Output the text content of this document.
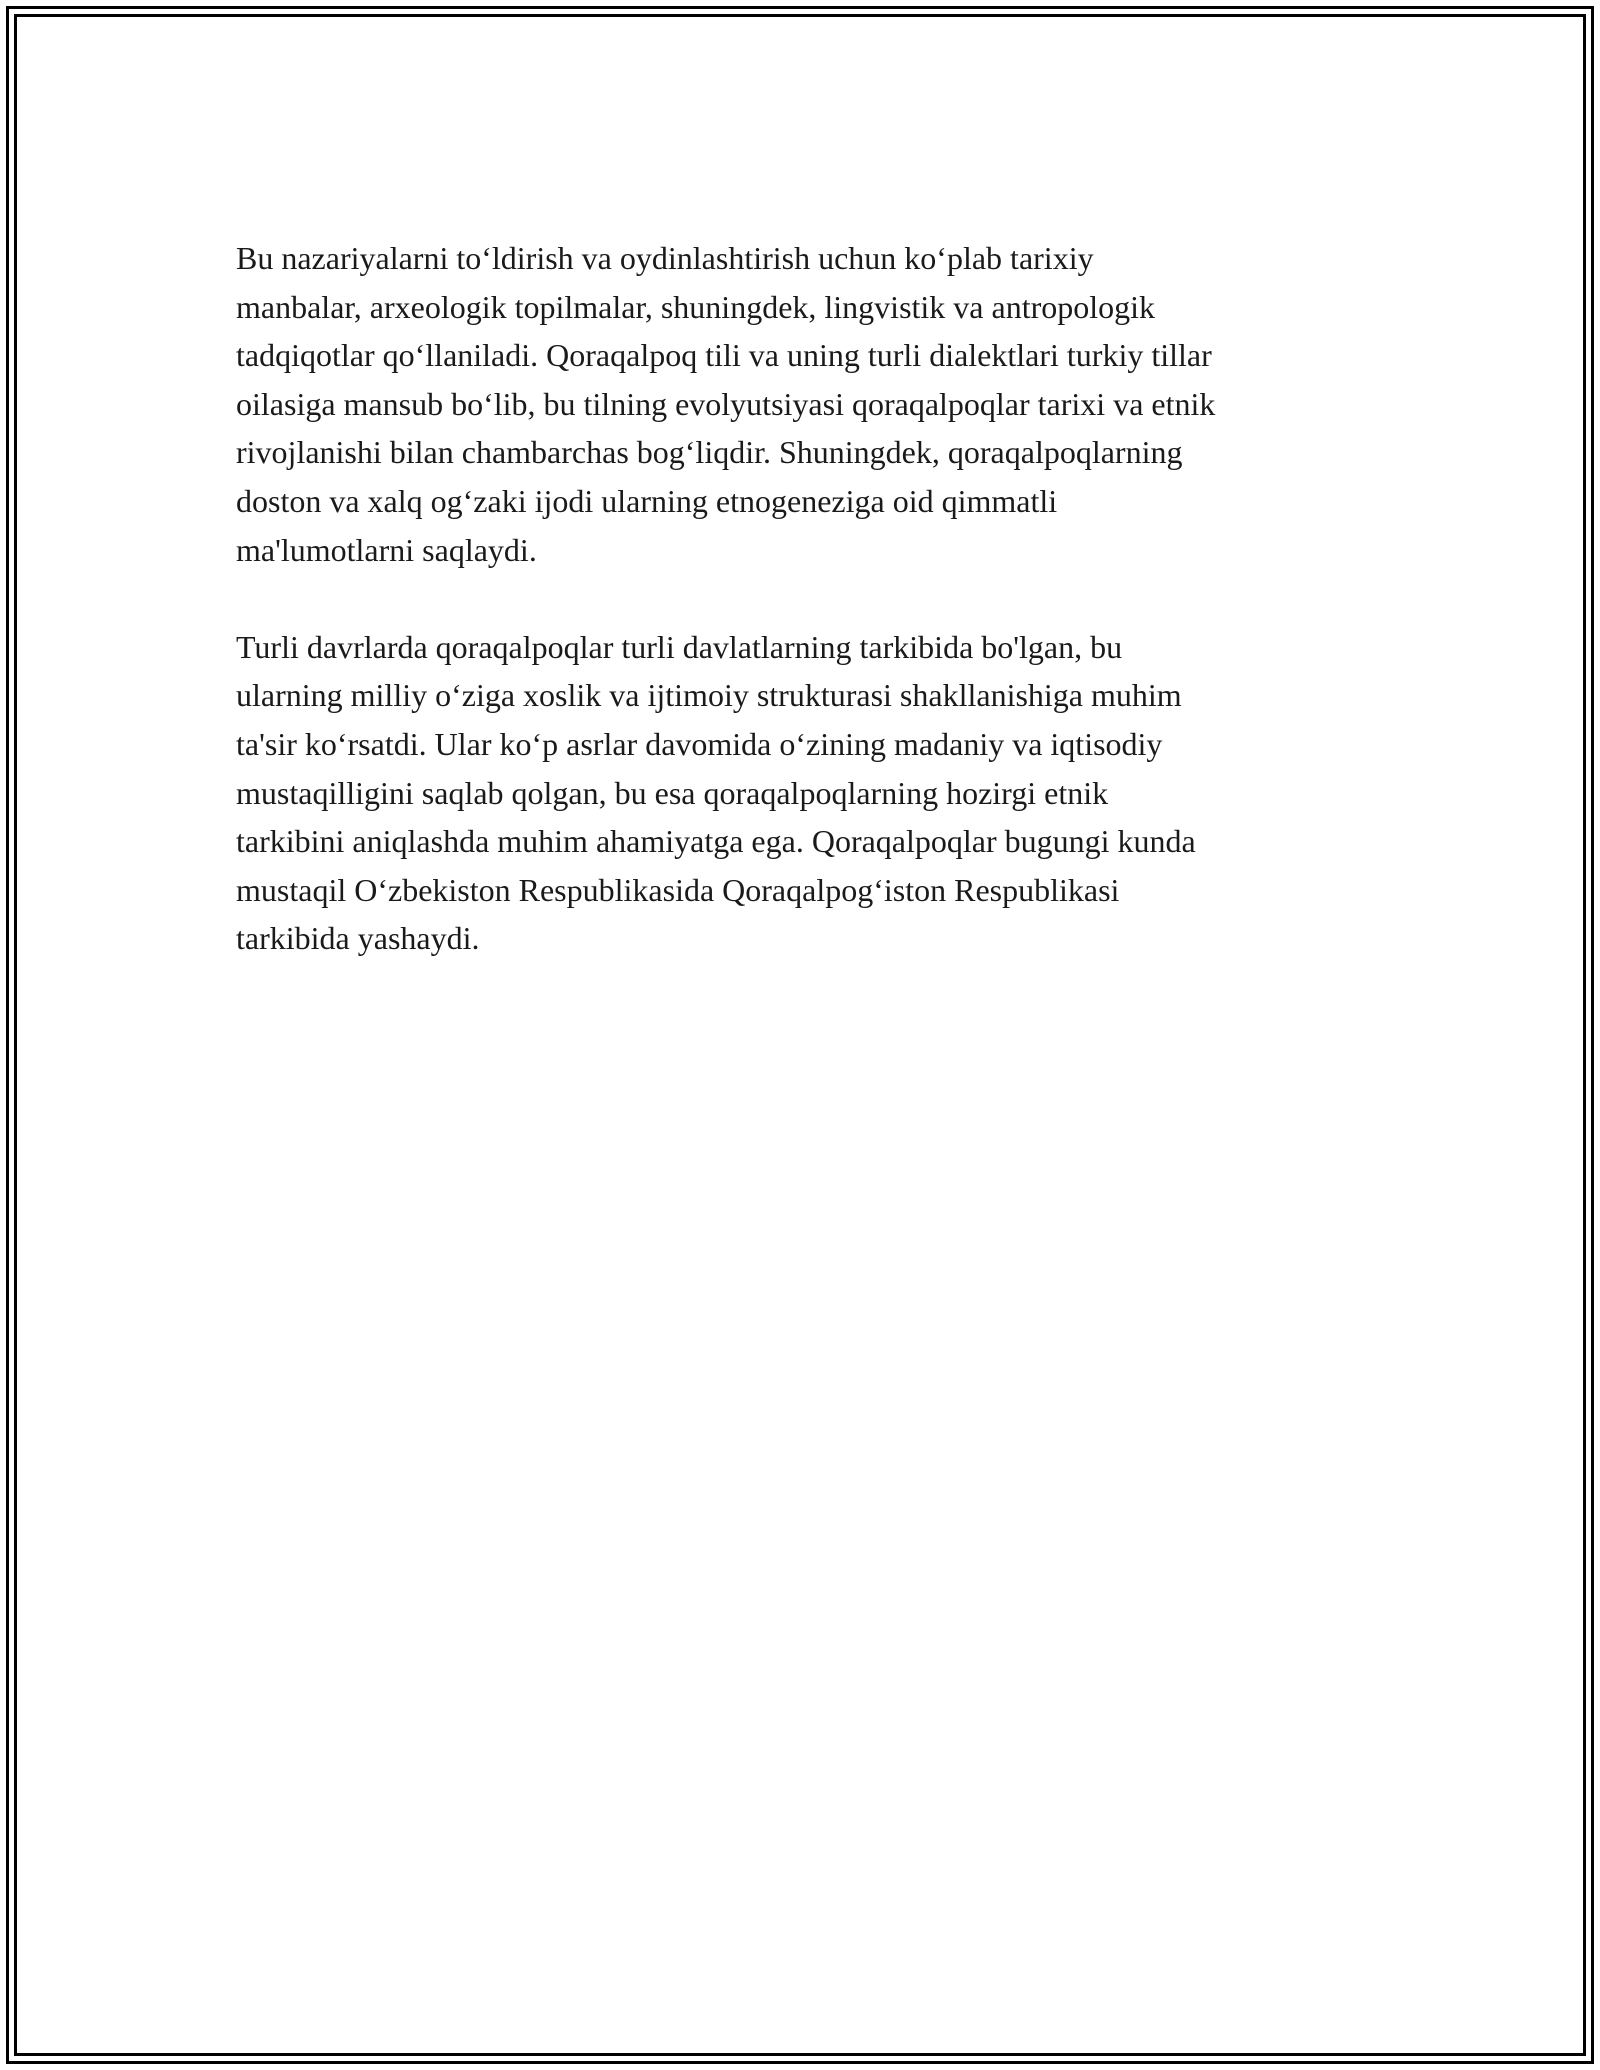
Bu nazariyalarni to‘ldirish va oydinlashtirish uchun ko‘plab tarixiy
manbalar, arxeologik topilmalar, shuningdek, lingvistik va antropologik
tadqiqotlar qo‘llaniladi. Qoraqalpoq tili va uning turli dialektlari turkiy tillar
oilasiga mansub bo‘lib, bu tilning evolyutsiyasi qoraqalpoqlar tarixi va etnik
rivojlanishi bilan chambarchas bog‘liqdir. Shuningdek, qoraqalpoqlarning
doston va xalq og‘zaki ijodi ularning etnogeneziga oid qimmatli
ma'lumotlarni saqlaydi.

Turli davrlarda qoraqalpoqlar turli davlatlarning tarkibida bo'lgan, bu
ularning milliy o‘ziga xoslik va ijtimoiy strukturasi shakllanishiga muhim
ta'sir ko‘rsatdi. Ular ko‘p asrlar davomida o‘zining madaniy va iqtisodiy
mustaqilligini saqlab qolgan, bu esa qoraqalpoqlarning hozirgi etnik
tarkibini aniqlashda muhim ahamiyatga ega. Qoraqalpoqlar bugungi kunda
mustaqil O‘zbekiston Respublikasida Qoraqalpog‘iston Respublikasi
tarkibida yashaydi.
